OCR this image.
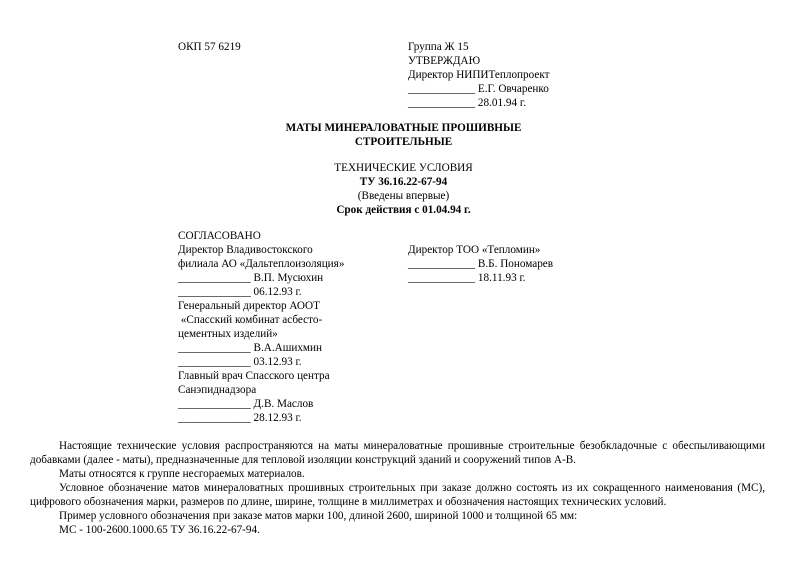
ОКП 57 6219	Группа Ж 15
УТВЕРЖДАЮ
Директор НИПИТеплопроект
____________ Е.Г. Овчаренко
____________ 28.01.94 г.
МАТЫ МИНЕРАЛОВАТНЫЕ ПРОШИВНЫЕ
СТРОИТЕЛЬНЫЕ
ТЕХНИЧЕСКИЕ УСЛОВИЯ
ТУ 36.16.22-67-94
(Введены впервые)
Срок действия с 01.04.94 г.
СОГЛАСОВАНО
Директор Владивостокского
филиала АО «Дальтеплоизоляция»
_____________ В.П. Мусюхин
_____________ 06.12.93 г.
Генеральный директор АООТ
«Спасский комбинат асбесто-
цементных изделий»
_____________ В.А.Ашихмин
_____________ 03.12.93 г.
Главный врач Спасского центра
Санэпиднадзора
_____________ Д.В. Маслов
_____________ 28.12.93 г.
Директор ТОО «Тепломин»
____________ В.Б. Пономарев
____________ 18.11.93 г.
Настоящие технические условия распространяются на маты минераловатные прошивные строительные безобкладочные с обеспыливающими добавками (далее - маты), предназначенные для тепловой изоляции конструкций зданий и сооружений типов А-В.
Маты относятся к группе несгораемых материалов.
Условное обозначение матов минераловатных прошивных строительных при заказе должно состоять из их сокращенного наименования (МС), цифрового обозначения марки, размеров по длине, ширине, толщине в миллиметрах и обозначения настоящих технических условий.
Пример условного обозначения при заказе матов марки 100, длиной 2600, шириной 1000 и толщиной 65 мм:
МС - 100-2600.1000.65 ТУ 36.16.22-67-94.
